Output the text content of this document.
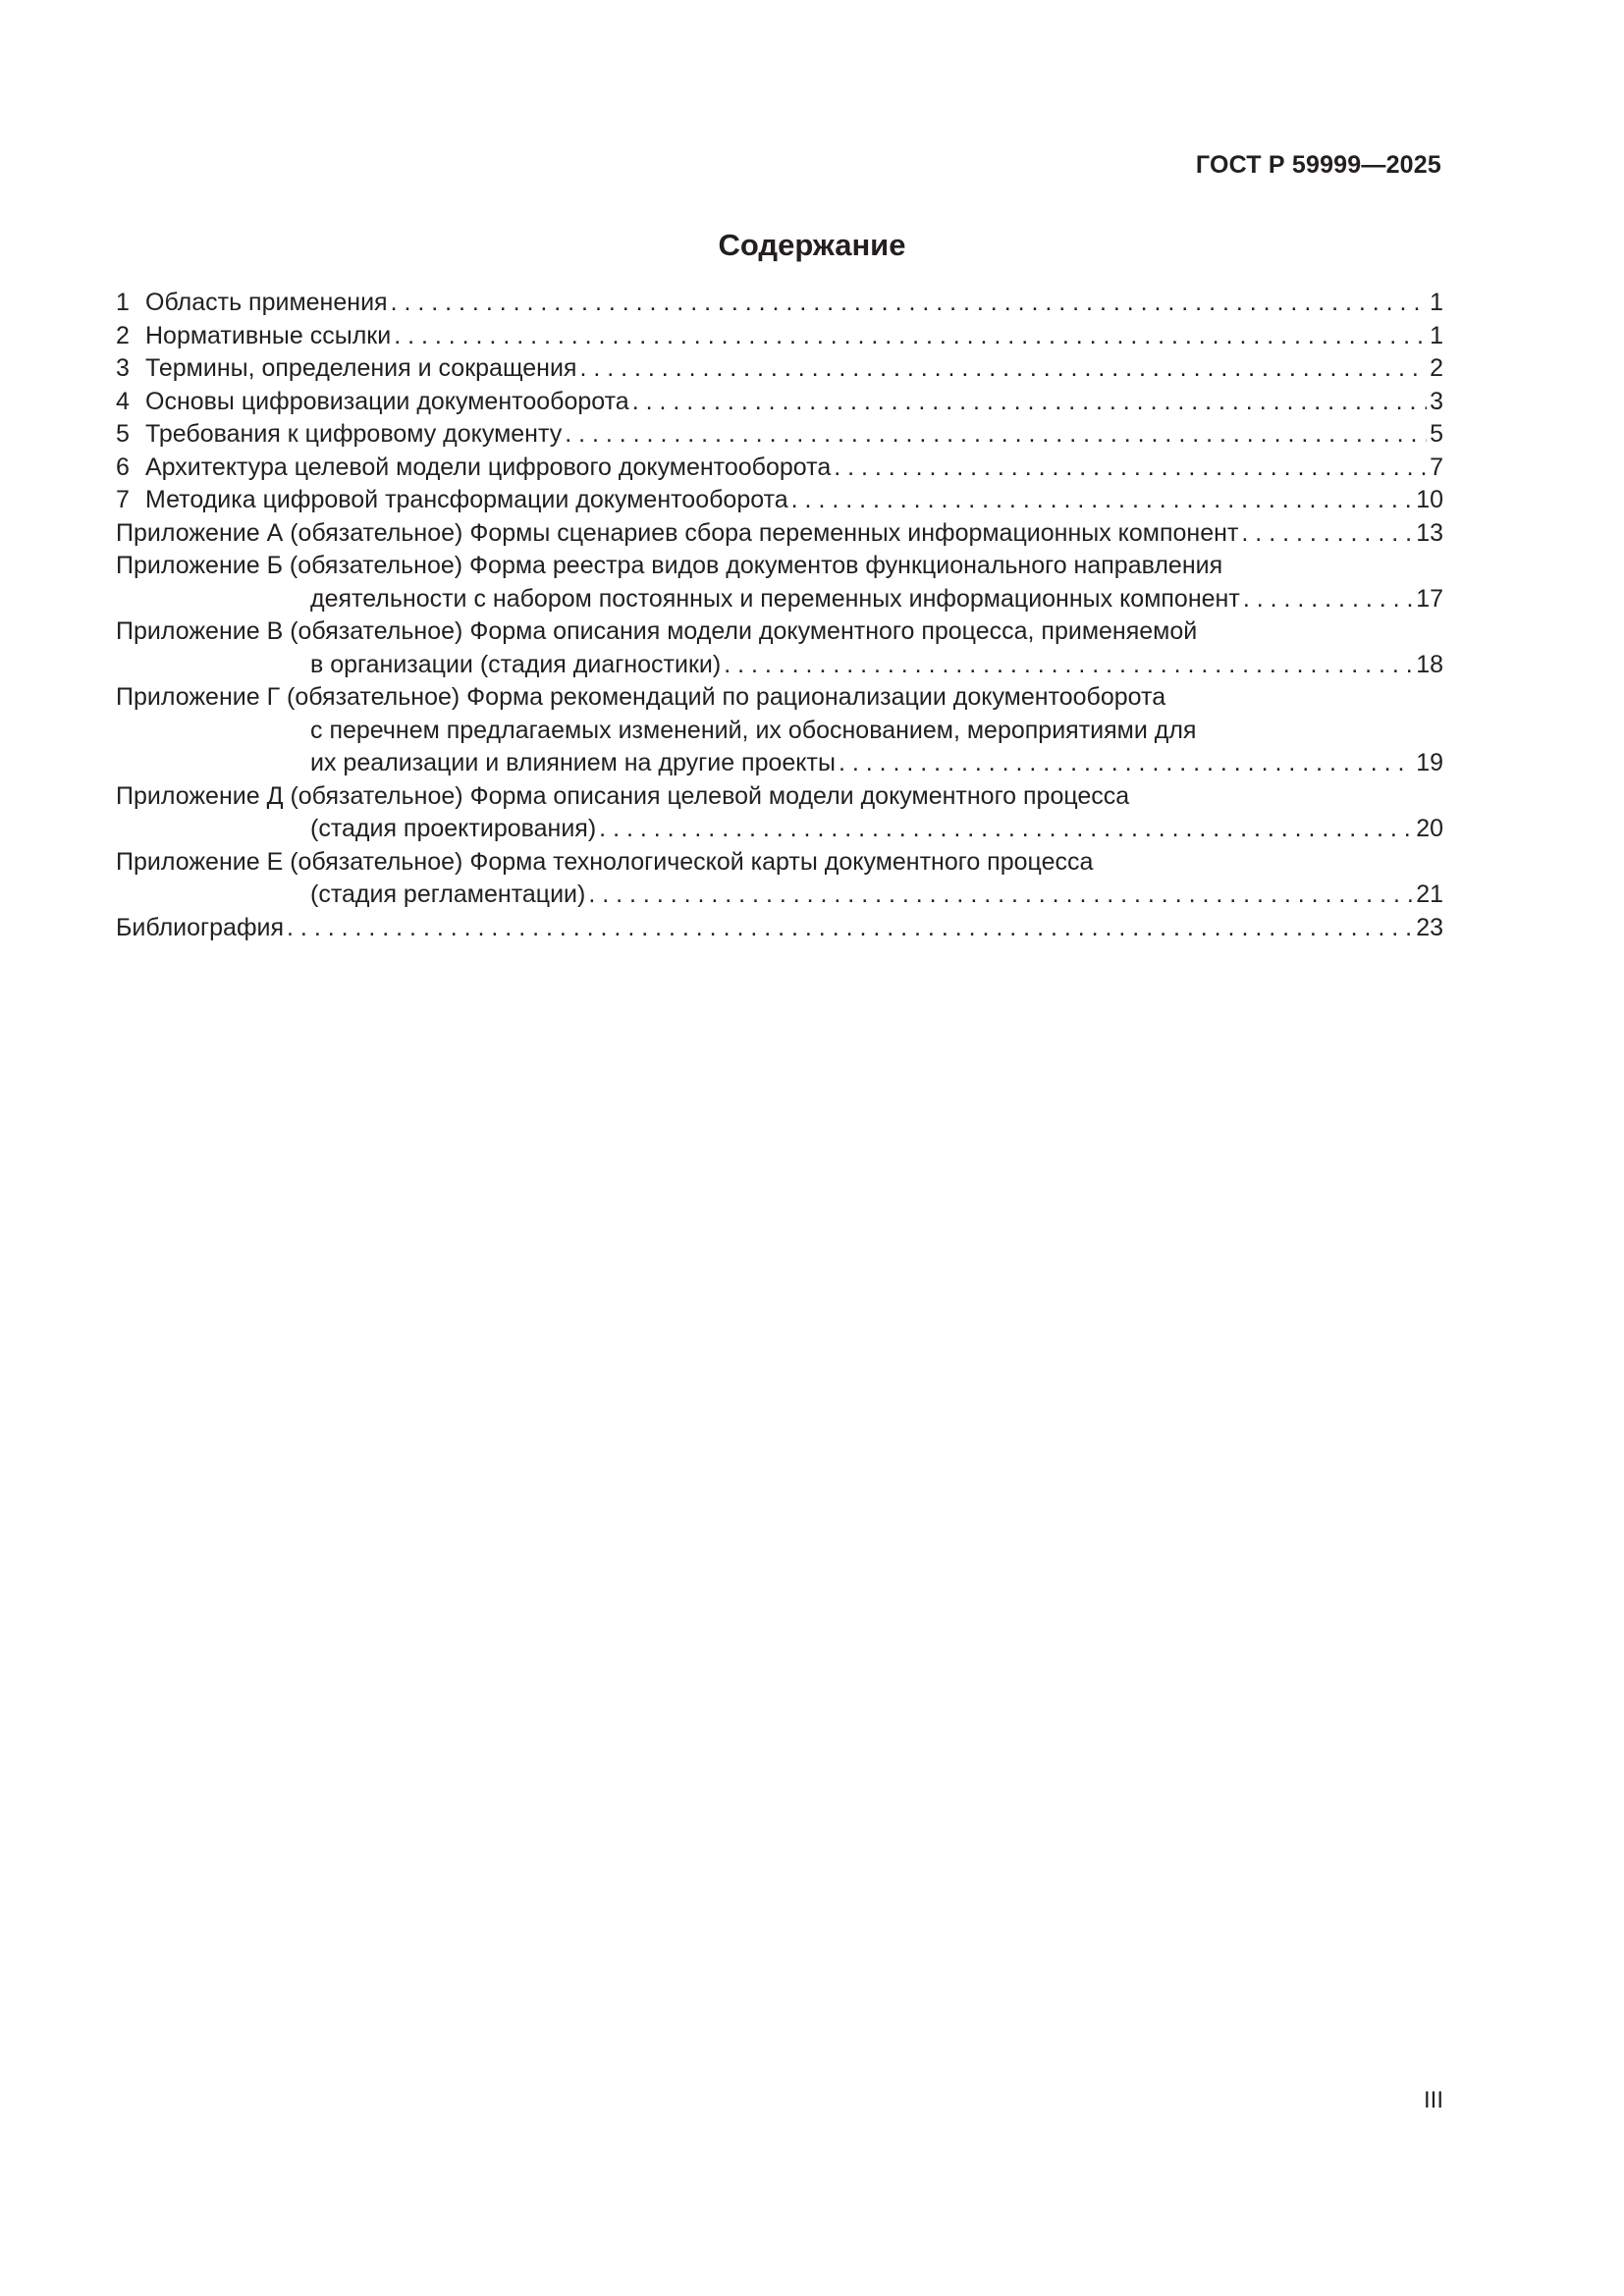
ГОСТ Р 59999—2025
Содержание
1 Область применения . . .	1
2 Нормативные ссылки . . .	1
3 Термины, определения и сокращения . . .	2
4 Основы цифровизации документооборота . . .	3
5 Требования к цифровому документу . . .	5
6 Архитектура целевой модели цифрового документооборота . . .	7
7 Методика цифровой трансформации документооборота . . .	10
Приложение А (обязательное) Формы сценариев сбора переменных информационных компонент . . .	13
Приложение Б (обязательное) Форма реестра видов документов функционального направления
деятельности с набором постоянных и переменных информационных компонент . . .	17
Приложение В (обязательное) Форма описания модели документного процесса, применяемой
в организации (стадия диагностики) . . .	18
Приложение Г (обязательное) Форма рекомендаций по рационализации документооборота
с перечнем предлагаемых изменений, их обоснованием, мероприятиями для
их реализации и влиянием на другие проекты . . .	19
Приложение Д (обязательное) Форма описания целевой модели документного процесса
(стадия проектирования) . . .	20
Приложение Е (обязательное) Форма технологической карты документного процесса
(стадия регламентации) . . .	21
Библиография . . .	23
III
